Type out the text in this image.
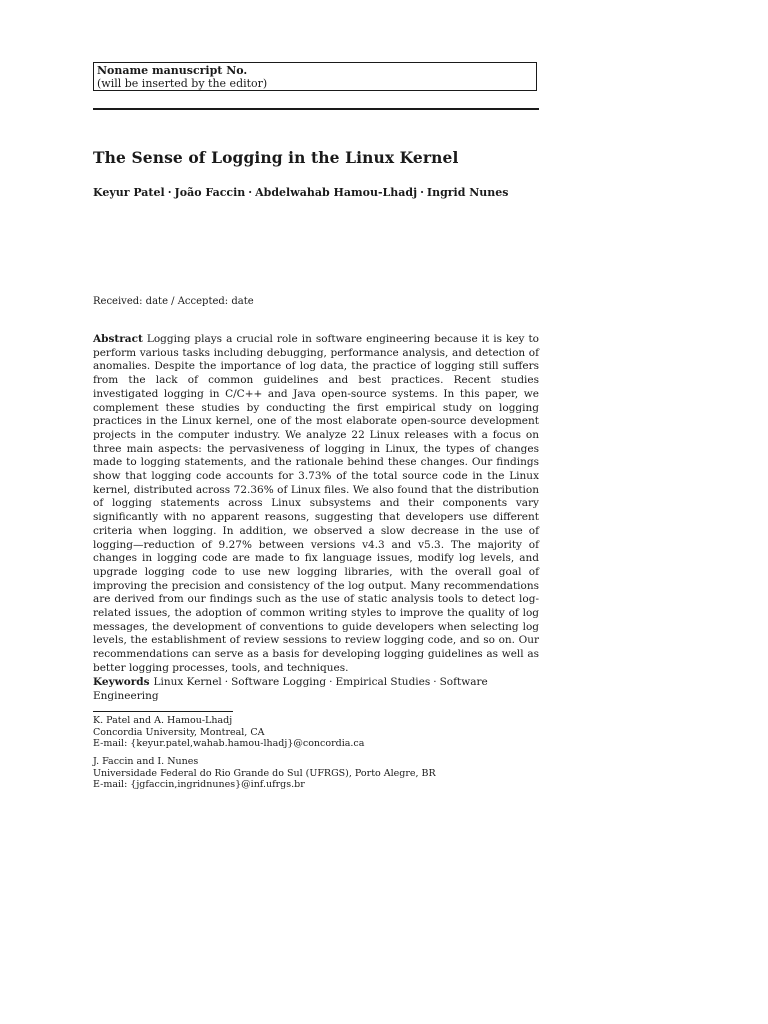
Noname manuscript No.
(will be inserted by the editor)
The Sense of Logging in the Linux Kernel
Keyur Patel · João Faccin · Abdelwahab Hamou-Lhadj · Ingrid Nunes
Received: date / Accepted: date
Abstract Logging plays a crucial role in software engineering because it is key to perform various tasks including debugging, performance analysis, and detection of anomalies. Despite the importance of log data, the practice of logging still suffers from the lack of common guidelines and best practices. Recent studies investigated logging in C/C++ and Java open-source systems. In this paper, we complement these studies by conducting the first empirical study on logging practices in the Linux kernel, one of the most elaborate open-source development projects in the computer industry. We analyze 22 Linux releases with a focus on three main aspects: the pervasiveness of logging in Linux, the types of changes made to logging statements, and the rationale behind these changes. Our findings show that logging code accounts for 3.73% of the total source code in the Linux kernel, distributed across 72.36% of Linux files. We also found that the distribution of logging statements across Linux subsystems and their components vary significantly with no apparent reasons, suggesting that developers use different criteria when logging. In addition, we observed a slow decrease in the use of logging—reduction of 9.27% between versions v4.3 and v5.3. The majority of changes in logging code are made to fix language issues, modify log levels, and upgrade logging code to use new logging libraries, with the overall goal of improving the precision and consistency of the log output. Many recommendations are derived from our findings such as the use of static analysis tools to detect log-related issues, the adoption of common writing styles to improve the quality of log messages, the development of conventions to guide developers when selecting log levels, the establishment of review sessions to review logging code, and so on. Our recommendations can serve as a basis for developing logging guidelines as well as better logging processes, tools, and techniques.
Keywords Linux Kernel · Software Logging · Empirical Studies · Software Engineering
K. Patel and A. Hamou-Lhadj
Concordia University, Montreal, CA
E-mail: {keyur.patel,wahab.hamou-lhadj}@concordia.ca
J. Faccin and I. Nunes
Universidade Federal do Rio Grande do Sul (UFRGS), Porto Alegre, BR
E-mail: {jgfaccin,ingridnunes}@inf.ufrgs.br
